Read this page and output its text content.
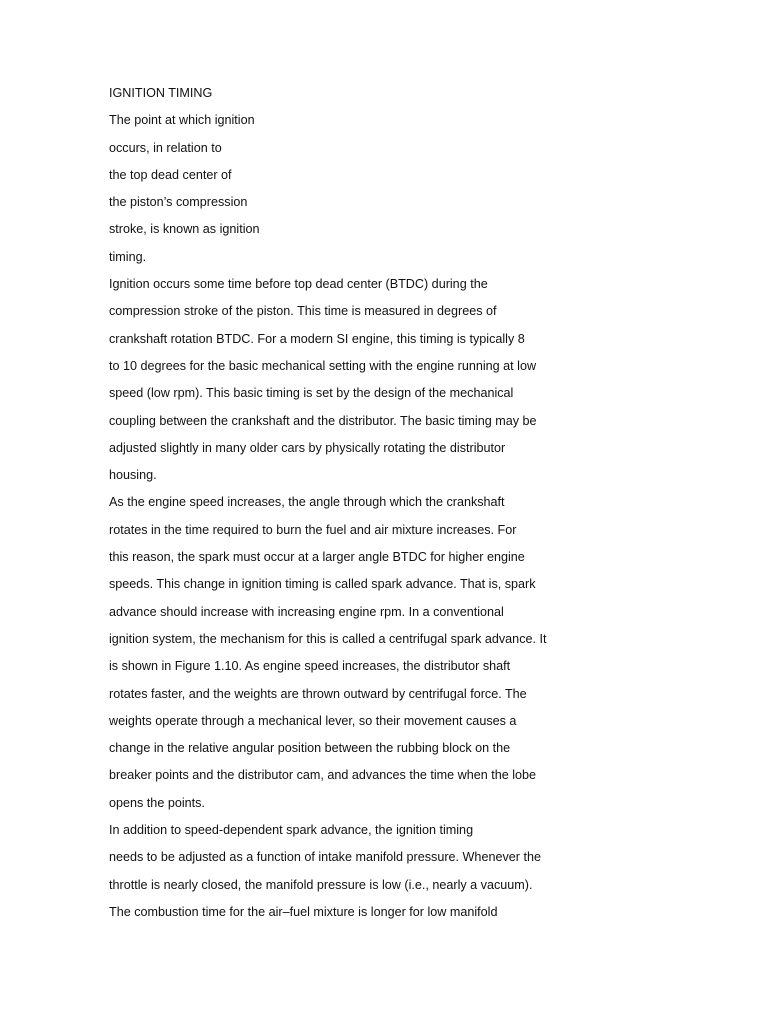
IGNITION TIMING
The point at which ignition
occurs, in relation to
the top dead center of
the piston’s compression
stroke, is known as ignition
timing.
Ignition occurs some time before top dead center (BTDC) during the
compression stroke of the piston. This time is measured in degrees of
crankshaft rotation BTDC. For a modern SI engine, this timing is typically 8
to 10 degrees for the basic mechanical setting with the engine running at low
speed (low rpm). This basic timing is set by the design of the mechanical
coupling between the crankshaft and the distributor. The basic timing may be
adjusted slightly in many older cars by physically rotating the distributor
housing.
As the engine speed increases, the angle through which the crankshaft
rotates in the time required to burn the fuel and air mixture increases. For
this reason, the spark must occur at a larger angle BTDC for higher engine
speeds. This change in ignition timing is called spark advance. That is, spark
advance should increase with increasing engine rpm. In a conventional
ignition system, the mechanism for this is called a centrifugal spark advance. It
is shown in Figure 1.10. As engine speed increases, the distributor shaft
rotates faster, and the weights are thrown outward by centrifugal force. The
weights operate through a mechanical lever, so their movement causes a
change in the relative angular position between the rubbing block on the
breaker points and the distributor cam, and advances the time when the lobe
opens the points.
In addition to speed-dependent spark advance, the ignition timing
needs to be adjusted as a function of intake manifold pressure. Whenever the
throttle is nearly closed, the manifold pressure is low (i.e., nearly a vacuum).
The combustion time for the air–fuel mixture is longer for low manifold
